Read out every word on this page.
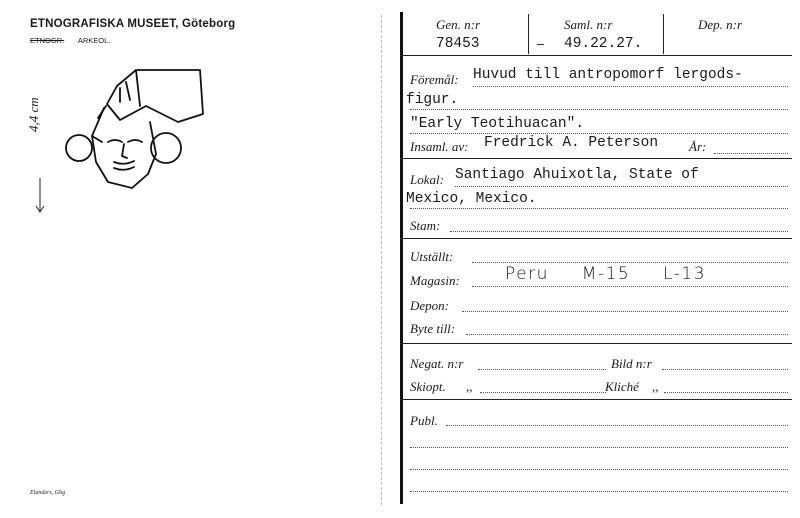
ETNOGRAFISKA MUSEET, Göteborg
ETNOGR. ARKEOL.
4,4 cm
Elanders, Gbg
Gen. n:r
78453
Saml. n:r
49.22.27.
Dep. n:r
Föremål: Huvud till antropomorf lergods-
figur.
"Early Teotihuacan".
Insaml. av: Fredrick A. Peterson År:
Lokal: Santiago Ahuixotla, State of
Mexico, Mexico.
Stam:
Utställt:
Magasin:	Peru M-15 L-13
Depon:
Byte till:
Negat. n:r	Bild n:r
Skiopt. ,,	Kliché ,,
Publ.
